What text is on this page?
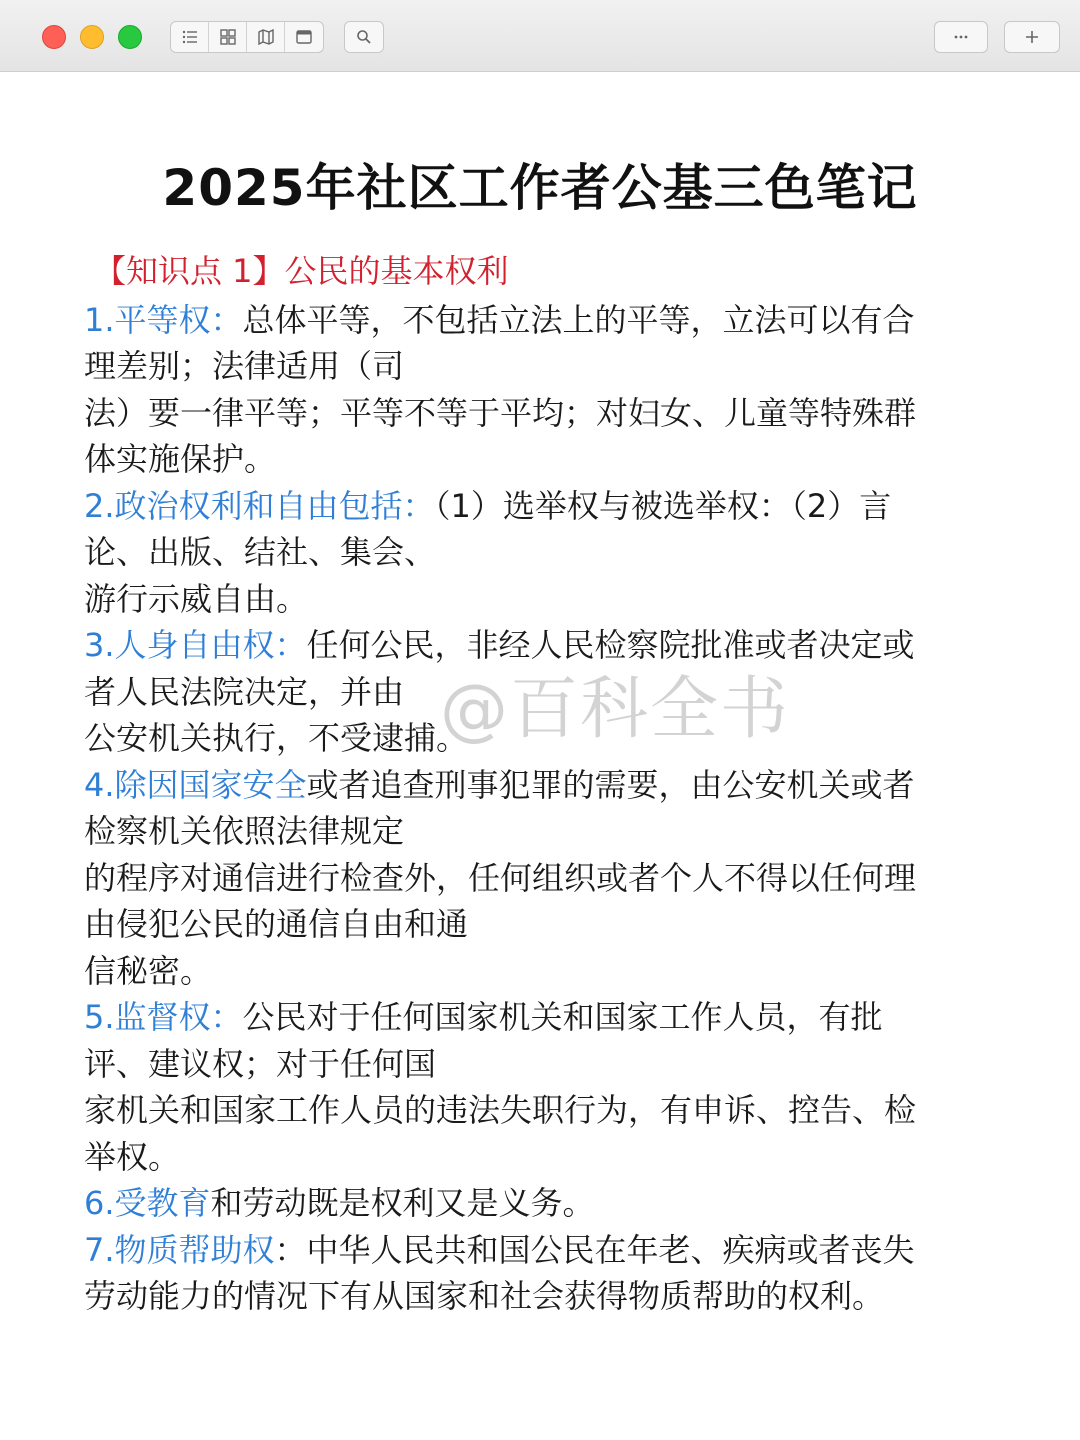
2025年社区工作者公基三色笔记
【知识点 1】公民的基本权利
1.平等权：总体平等，不包括立法上的平等，立法可以有合
理差别；法律适用（司
法）要一律平等；平等不等于平均；对妇女、儿童等特殊群
体实施保护。
2.政治权利和自由包括：（1）选举权与被选举权：（2）言
论、出版、结社、集会、
游行示威自由。
3.人身自由权：任何公民，非经人民检察院批准或者决定或
者人民法院决定，并由
公安机关执行，不受逮捕。
4.除因国家安全或者追查刑事犯罪的需要，由公安机关或者
检察机关依照法律规定
的程序对通信进行检查外，任何组织或者个人不得以任何理
由侵犯公民的通信自由和通
信秘密。
5.监督权：公民对于任何国家机关和国家工作人员，有批
评、建议权；对于任何国
家机关和国家工作人员的违法失职行为，有申诉、控告、检
举权。
6.受教育和劳动既是权利又是义务。
7.物质帮助权：中华人民共和国公民在年老、疾病或者丧失
劳动能力的情况下有从国家和社会获得物质帮助的权利。
@百科全书
